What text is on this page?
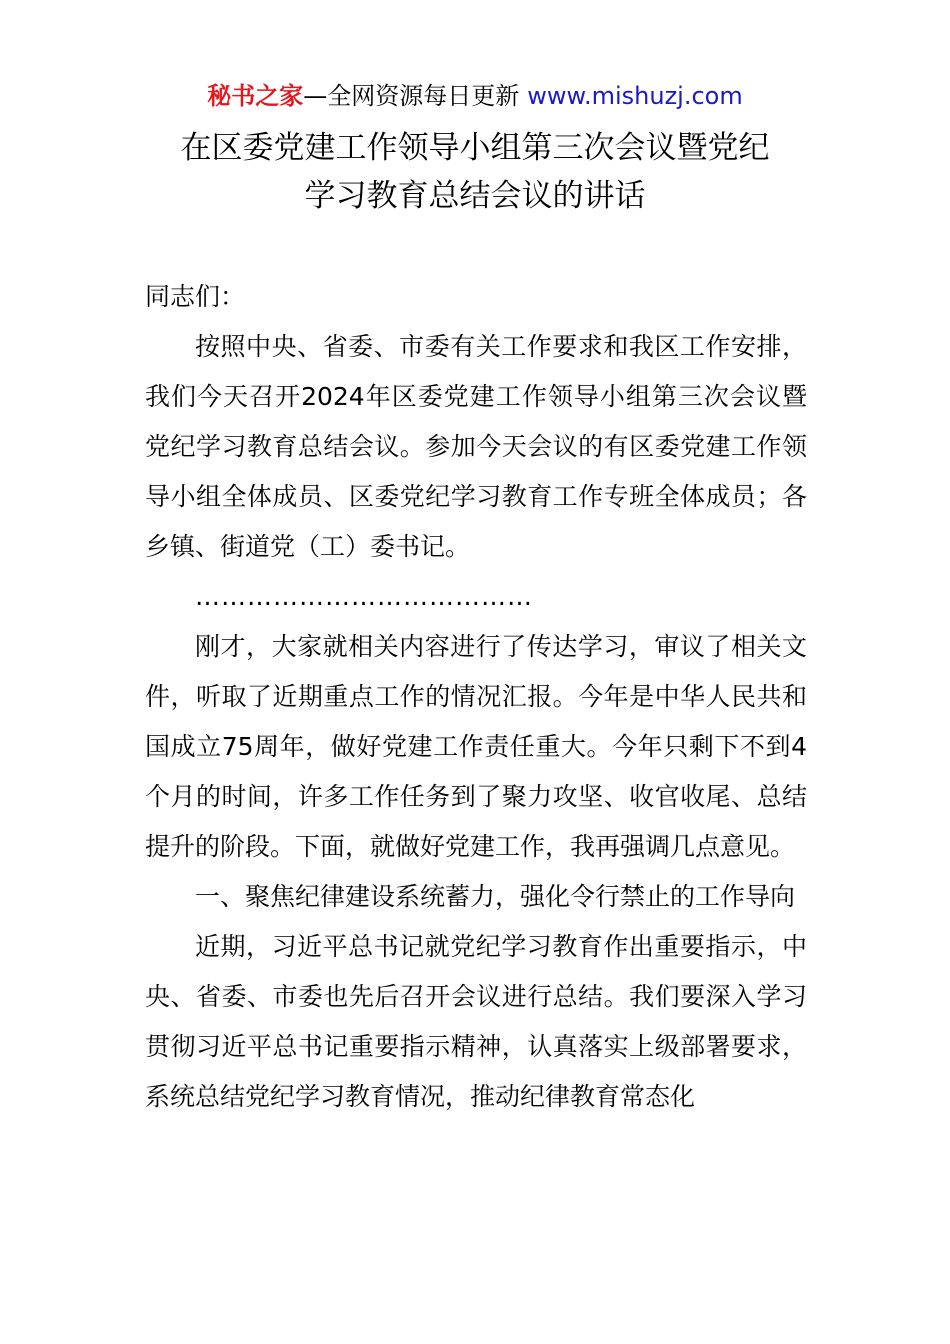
秘书之家—全网资源每日更新 www.mishuzj.com
在区委党建工作领导小组第三次会议暨党纪
学习教育总结会议的讲话

同志们：

按照中央、省委、市委有关工作要求和我区工作安排，我们今天召开2024年区委党建工作领导小组第三次会议暨党纪学习教育总结会议。参加今天会议的有区委党建工作领导小组全体成员、区委党纪学习教育工作专班全体成员；各乡镇、街道党（工）委书记。

…………………………………

刚才，大家就相关内容进行了传达学习，审议了相关文件，听取了近期重点工作的情况汇报。今年是中华人民共和国成立75周年，做好党建工作责任重大。今年只剩下不到4个月的时间，许多工作任务到了聚力攻坚、收官收尾、总结提升的阶段。下面，就做好党建工作，我再强调几点意见。

一、聚焦纪律建设系统蓄力，强化令行禁止的工作导向

近期，习近平总书记就党纪学习教育作出重要指示，中央、省委、市委也先后召开会议进行总结。我们要深入学习贯彻习近平总书记重要指示精神，认真落实上级部署要求，系统总结党纪学习教育情况，推动纪律教育常态化
